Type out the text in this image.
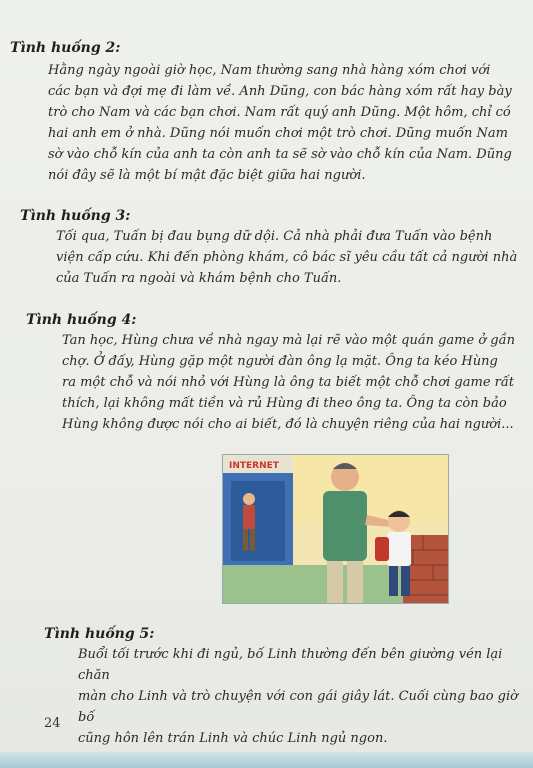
Tình huống 2:
Hằng ngày ngoài giờ học, Nam thường sang nhà hàng xóm chơi với
các bạn và đợi mẹ đi làm về. Anh Dũng, con bác hàng xóm rất hay bày
trò cho Nam và các bạn chơi. Nam rất quý anh Dũng. Một hôm, chỉ có
hai anh em ở nhà. Dũng nói muốn chơi một trò chơi. Dũng muốn Nam
sờ vào chỗ kín của anh ta còn anh ta sẽ sờ vào chỗ kín của Nam. Dũng
nói đây sẽ là một bí mật đặc biệt giữa hai người.
Tình huống 3:
Tối qua, Tuấn bị đau bụng dữ dội. Cả nhà phải đưa Tuấn vào bệnh
viện cấp cứu. Khi đến phòng khám, cô bác sĩ yêu cầu tất cả người nhà
của Tuấn ra ngoài và khám bệnh cho Tuấn.
Tình huống 4:
Tan học, Hùng chưa về nhà ngay mà lại rẽ vào một quán game ở gần
chợ. Ở đấy, Hùng gặp một người đàn ông lạ mặt. Ông ta kéo Hùng
ra một chỗ và nói nhỏ với Hùng là ông ta biết một chỗ chơi game rất
thích, lại không mất tiền và rủ Hùng đi theo ông ta. Ông ta còn bảo
Hùng không được nói cho ai biết, đó là chuyện riêng của hai người...
INTERNET
Tình huống 5:
Buổi tối trước khi đi ngủ, bố Linh thường đến bên giường vén lại chăn
màn cho Linh và trò chuyện với con gái giây lát. Cuối cùng bao giờ bố
cũng hôn lên trán Linh và chúc Linh ngủ ngon.
24
